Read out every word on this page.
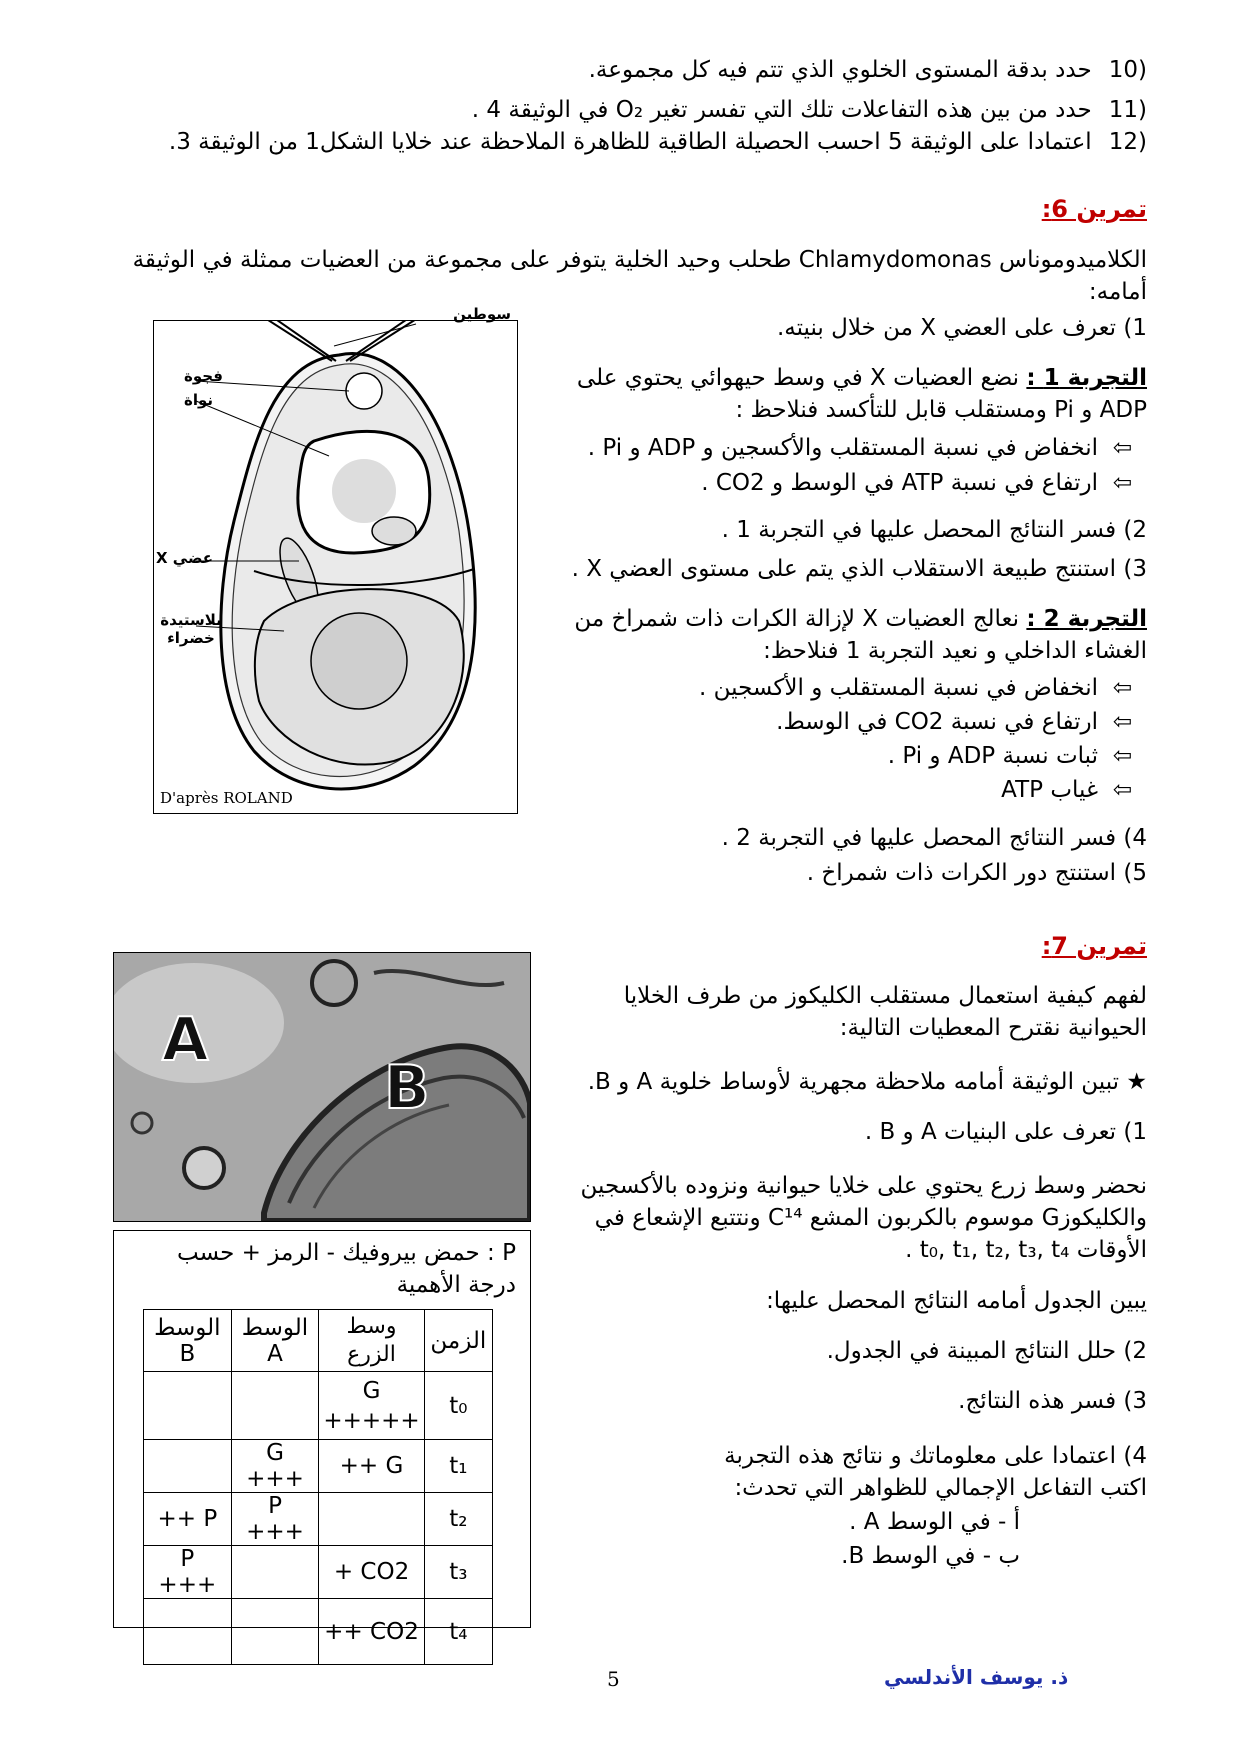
(10 حدد بدقة المستوى الخلوي الذي تتم فيه كل مجموعة.
(11 حدد من بين هذه التفاعلات تلك التي تفسر تغير O₂ في الوثيقة 4 .
(12 اعتمادا على الوثيقة 5 احسب الحصيلة الطاقية للظاهرة الملاحظة عند خلايا الشكل1 من الوثيقة 3.
تمرين 6:
الكلاميدوموناس Chlamydomonas طحلب وحيد الخلية يتوفر على مجموعة من العضيات ممثلة في الوثيقة أمامه:
1) تعرف على العضي X من خلال بنيته.
التجربة 1 : نضع العضيات X في وسط حيهوائي يحتوي على ADP و Pi ومستقلب قابل للتأكسد فنلاحظ :
⇦انخفاض في نسبة المستقلب والأكسجين و ADP و Pi .
⇦ارتفاع في نسبة ATP في الوسط و CO2 .
2) فسر النتائج المحصل عليها في التجربة 1 .
3) استنتج طبيعة الاستقلاب الذي يتم على مستوى العضي X .
التجربة 2 : نعالج العضيات X لإزالة الكرات ذات شمراخ من الغشاء الداخلي و نعيد التجربة 1 فنلاحظ:
⇦انخفاض في نسبة المستقلب و الأكسجين .
⇦ارتفاع في نسبة CO2 في الوسط.
⇦ثبات نسبة ADP و Pi .
⇦غياب ATP
4) فسر النتائج المحصل عليها في التجربة 2 .
5) استنتج دور الكرات ذات شمراخ .
سوطين
فجوة
نواة
X عضي
بلاستيدة خضراء
D'après ROLAND
تمرين 7:
لفهم كيفية استعمال مستقلب الكليكوز من طرف الخلايا الحيوانية نقترح المعطيات التالية:
★ تبين الوثيقة أمامه ملاحظة مجهرية لأوساط خلوية A و B.
1) تعرف على البنيات A و B .
نحضر وسط زرع يحتوي على خلايا حيوانية ونزوده بالأكسجين
والكليكوزG موسوم بالكربون المشع C¹⁴ ونتتبع الإشعاع في
الأوقات t₀, t₁, t₂, t₃, t₄ .
يبين الجدول أمامه النتائج المحصل عليها:
2) حلل النتائج المبينة في الجدول.
3) فسر هذه النتائج.
4) اعتمادا على معلوماتك و نتائج هذه التجربة اكتب التفاعل الإجمالي للظواهر التي تحدث:
أ - في الوسط A .
ب - في الوسط B.
A
B
P : حمض بيروفيك - الرمز + حسب درجة الأهمية
الزمن	وسط الزرع	الوسط A	الوسط B
t₀	G +++++		
t₁	G ++	G +++	
t₂		P +++	P ++
t₃	CO2 +		P +++
t₄	CO2 ++		
5	ذ. يوسف الأندلسي
